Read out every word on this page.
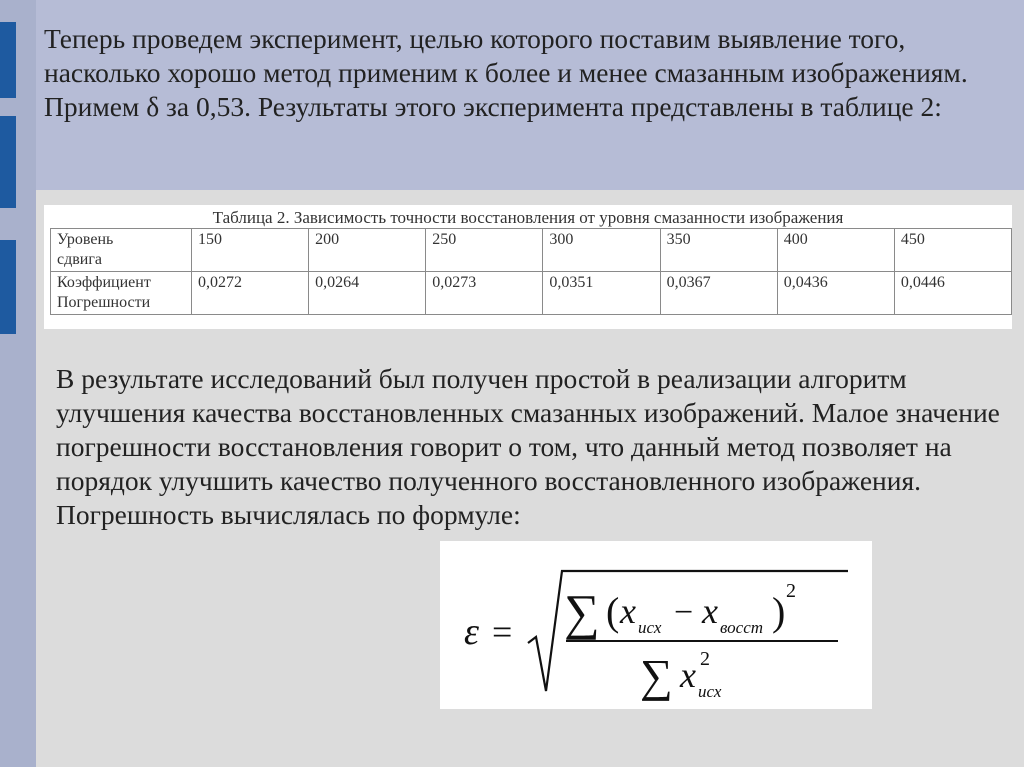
Теперь проведем эксперимент, целью которого поставим выявление того, насколько хорошо метод применим к более и менее смазанным изображениям. Примем δ за 0,53. Результаты этого эксперимента представлены в таблице 2:

Таблица 2. Зависимость точности восстановления от уровня смазанности изображения
Уровень
сдвига	150	200	250	300	350	400	450
Коэффициент
Погрешности	0,0272	0,0264	0,0273	0,0351	0,0367	0,0436	0,0446

В результате исследований был получен простой в реализации алгоритм улучшения качества восстановленных смазанных изображений. Малое значение погрешности восстановления говорит о том, что данный метод позволяет на порядок улучшить качество полученного восстановленного изображения. Погрешность вычислялась по формуле:

ε = ∑ ( x исх − x восст ) 2
∑ x 2
исх
